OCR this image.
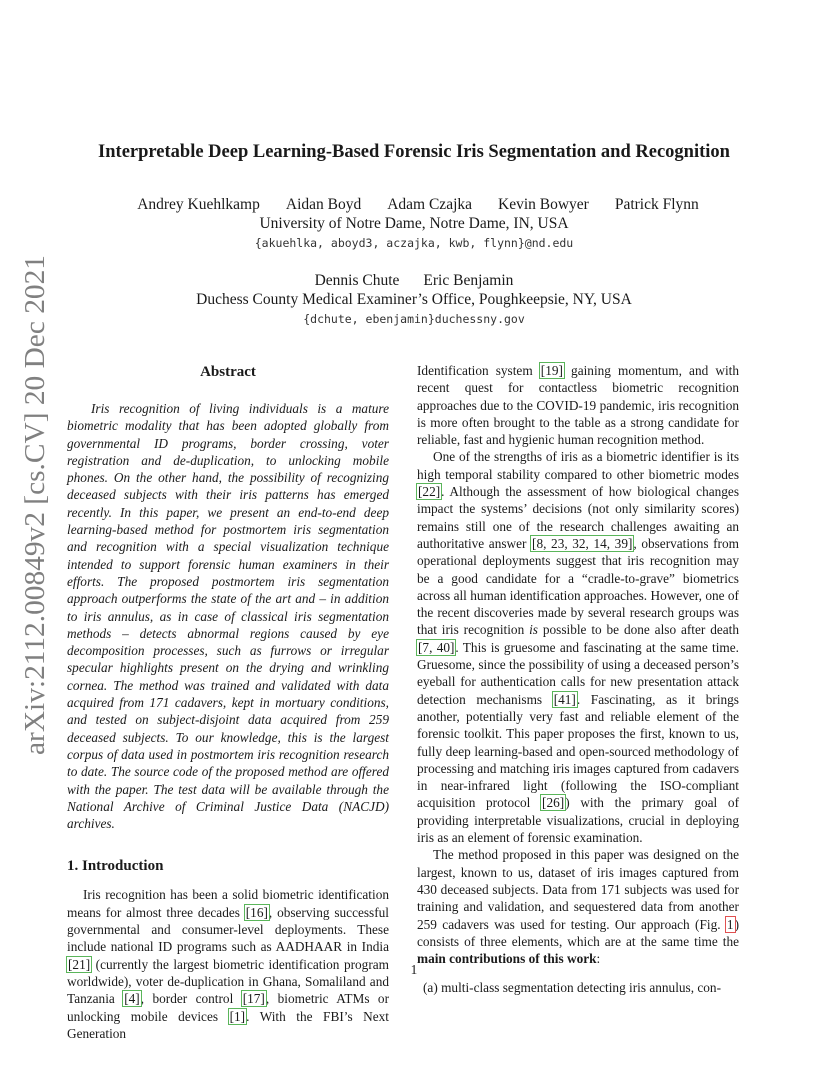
arXiv:2112.00849v2 [cs.CV] 20 Dec 2021
Interpretable Deep Learning-Based Forensic Iris Segmentation and Recognition
Andrey Kuehlkamp Aidan Boyd Adam Czajka Kevin Bowyer Patrick Flynn
University of Notre Dame, Notre Dame, IN, USA
{akuehlka, aboyd3, aczajka, kwb, flynn}@nd.edu
Dennis Chute Eric Benjamin
Duchess County Medical Examiner’s Office, Poughkeepsie, NY, USA
{dchute, ebenjamin}duchessny.gov
Abstract

Iris recognition of living individuals is a mature biometric modality that has been adopted globally from governmental ID programs, border crossing, voter registration and de-duplication, to unlocking mobile phones. On the other hand, the possibility of recognizing deceased subjects with their iris patterns has emerged recently. In this paper, we present an end-to-end deep learning-based method for postmortem iris segmentation and recognition with a special visualization technique intended to support forensic human examiners in their efforts. The proposed postmortem iris segmentation approach outperforms the state of the art and – in addition to iris annulus, as in case of classical iris segmentation methods – detects abnormal regions caused by eye decomposition processes, such as furrows or irregular specular highlights present on the drying and wrinkling cornea. The method was trained and validated with data acquired from 171 cadavers, kept in mortuary conditions, and tested on subject-disjoint data acquired from 259 deceased subjects. To our knowledge, this is the largest corpus of data used in postmortem iris recognition research to date. The source code of the proposed method are offered with the paper. The test data will be available through the National Archive of Criminal Justice Data (NACJD) archives.

1. Introduction

Iris recognition has been a solid biometric identification means for almost three decades [16], observing successful governmental and consumer-level deployments. These include national ID programs such as AADHAAR in India [21] (currently the largest biometric identification program worldwide), voter de-duplication in Ghana, Somaliland and Tanzania [4], border control [17], biometric ATMs or unlocking mobile devices [1]. With the FBI’s Next Generation

Identification system [19] gaining momentum, and with recent quest for contactless biometric recognition approaches due to the COVID-19 pandemic, iris recognition is more often brought to the table as a strong candidate for reliable, fast and hygienic human recognition method.

One of the strengths of iris as a biometric identifier is its high temporal stability compared to other biometric modes [22]. Although the assessment of how biological changes impact the systems’ decisions (not only similarity scores) remains still one of the research challenges awaiting an authoritative answer [8, 23, 32, 14, 39], observations from operational deployments suggest that iris recognition may be a good candidate for a “cradle-to-grave” biometrics across all human identification approaches. However, one of the recent discoveries made by several research groups was that iris recognition is possible to be done also after death [7, 40]. This is gruesome and fascinating at the same time. Gruesome, since the possibility of using a deceased person’s eyeball for authentication calls for new presentation attack detection mechanisms [41]. Fascinating, as it brings another, potentially very fast and reliable element of the forensic toolkit. This paper proposes the first, known to us, fully deep learning-based and open-sourced methodology of processing and matching iris images captured from cadavers in near-infrared light (following the ISO-compliant acquisition protocol [26]) with the primary goal of providing interpretable visualizations, crucial in deploying iris as an element of forensic examination.

The method proposed in this paper was designed on the largest, known to us, dataset of iris images captured from 430 deceased subjects. Data from 171 subjects was used for training and validation, and sequestered data from another 259 cadavers was used for testing. Our approach (Fig. 1) consists of three elements, which are at the same time the main contributions of this work:

(a) multi-class segmentation detecting iris annulus, con-

1
